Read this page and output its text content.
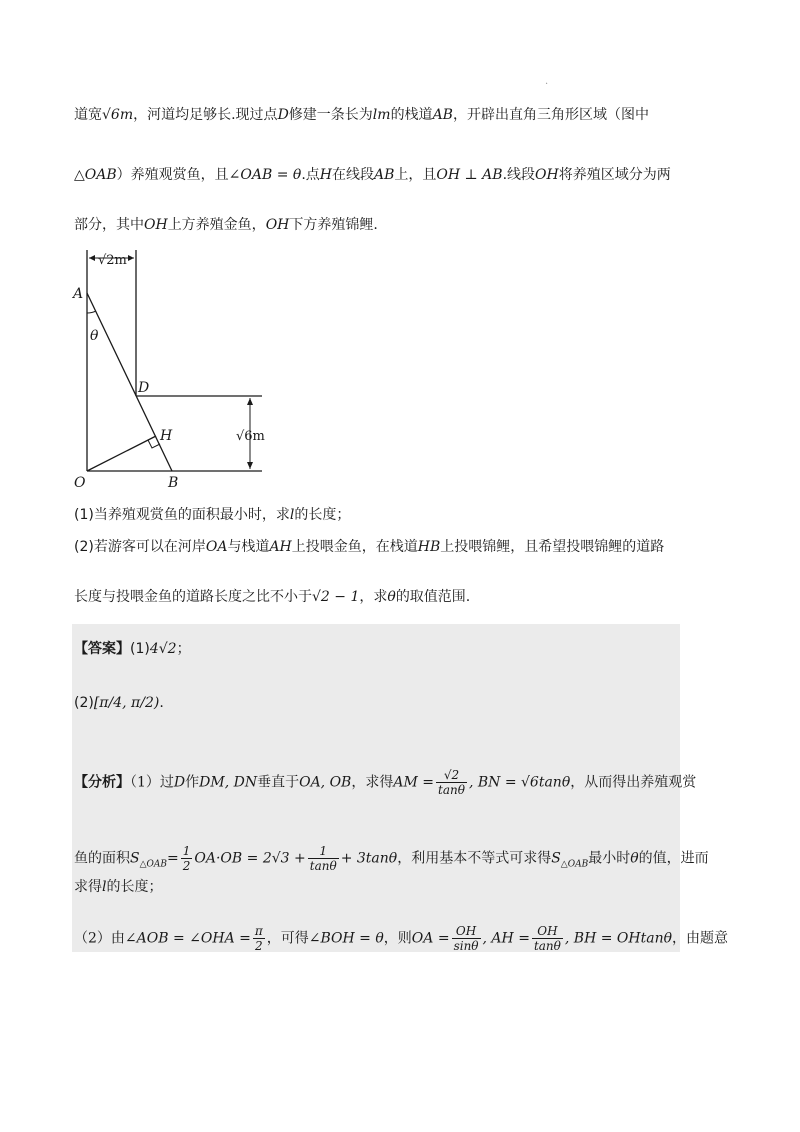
.
道宽√6m，河道均足够长.现过点D修建一条长为lm的栈道AB，开辟出直角三角形区域（图中
△OAB）养殖观赏鱼，且∠OAB = θ.点H在线段AB上，且OH ⊥ AB.线段OH将养殖区域分为两
部分，其中OH上方养殖金鱼，OH下方养殖锦鲤.
√2m
√6m
A
θ
D
H
O	B
(1)当养殖观赏鱼的面积最小时，求l的长度；
(2)若游客可以在河岸OA与栈道AH上投喂金鱼，在栈道HB上投喂锦鲤，且希望投喂锦鲤的道路
长度与投喂金鱼的道路长度之比不小于√2 − 1，求θ的取值范围.
【答案】(1)4√2；
(2)[π/4, π/2).
【分析】（1）过D作DM, DN垂直于OA, OB，求得AM = $\frac{√2}{\tan\theta}$ , BN = √6tanθ，从而得出养殖观赏
鱼的面积$S_{\triangle OAB}= \frac{1}{2} OA\cdot OB = 2√3 + \frac{1}{\tan\theta} + 3\tan\theta$，利用基本不等式可求得$S_{\triangle OAB}$最小时θ的值，进而
求得l的长度；
（2）由∠AOB = ∠OHA = $\frac{\pi}{2}$ ，可得∠BOH = θ，则OA = $\frac{OH}{\sin\theta}$ , AH = $\frac{OH}{\tan\theta}$ , BH = OHtanθ，由题意
